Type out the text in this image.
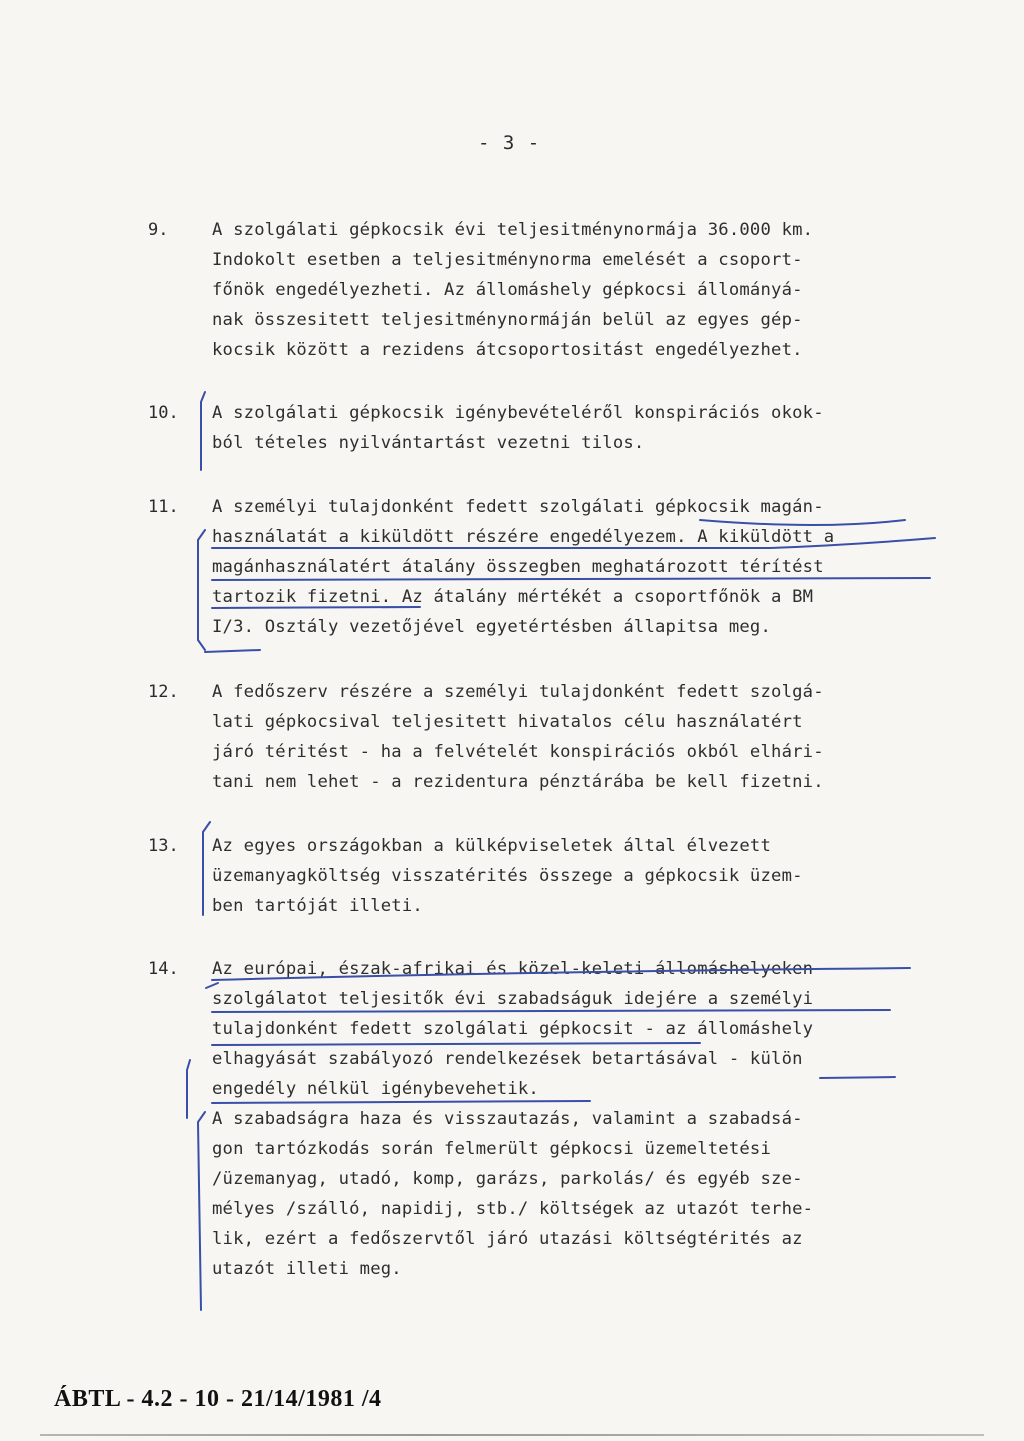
- 3 -
9.	A szolgálati gépkocsik évi teljesitménynormája 36.000 km.
Indokolt esetben a teljesitménynorma emelését a csoport-
főnök engedélyezheti. Az állomáshely gépkocsi állományá-
nak összesitett teljesitménynormáján belül az egyes gép-
kocsik között a rezidens átcsoportositást engedélyezhet.
10. A szolgálati gépkocsik igénybevételéről konspirációs okok-
ból tételes nyilvántartást vezetni tilos.
11. A személyi tulajdonként fedett szolgálati gépkocsik magán-
használatát a kiküldött részére engedélyezem. A kiküldött a
magánhasználatért átalány összegben meghatározott térítést
tartozik fizetni. Az átalány mértékét a csoportfőnök a BM
I/3. Osztály vezetőjével egyetértésben állapitsa meg.
12. A fedőszerv részére a személyi tulajdonként fedett szolgá-
lati gépkocsival teljesitett hivatalos célu használatért
járó téritést - ha a felvételét konspirációs okból elhári-
tani nem lehet - a rezidentura pénztárába be kell fizetni.
13. Az egyes országokban a külképviseletek által élvezett
üzemanyagköltség visszatérités összege a gépkocsik üzem-
ben tartóját illeti.
14. Az európai, észak-afrikai és közel-keleti állomáshelyeken
szolgálatot teljesitők évi szabadságuk idejére a személyi
tulajdonként fedett szolgálati gépkocsit - az állomáshely
elhagyását szabályozó rendelkezések betartásával - külön
engedély nélkül igénybevehetik.
A szabadságra haza és visszautazás, valamint a szabadsá-
gon tartózkodás során felmerült gépkocsi üzemeltetési
/üzemanyag, utadó, komp, garázs, parkolás/ és egyéb sze-
mélyes /szálló, napidij, stb./ költségek az utazót terhe-
lik, ezért a fedőszervtől járó utazási költségtérités az
utazót illeti meg.
ÁBTL - 4.2 - 10 - 21/14/1981 /4
